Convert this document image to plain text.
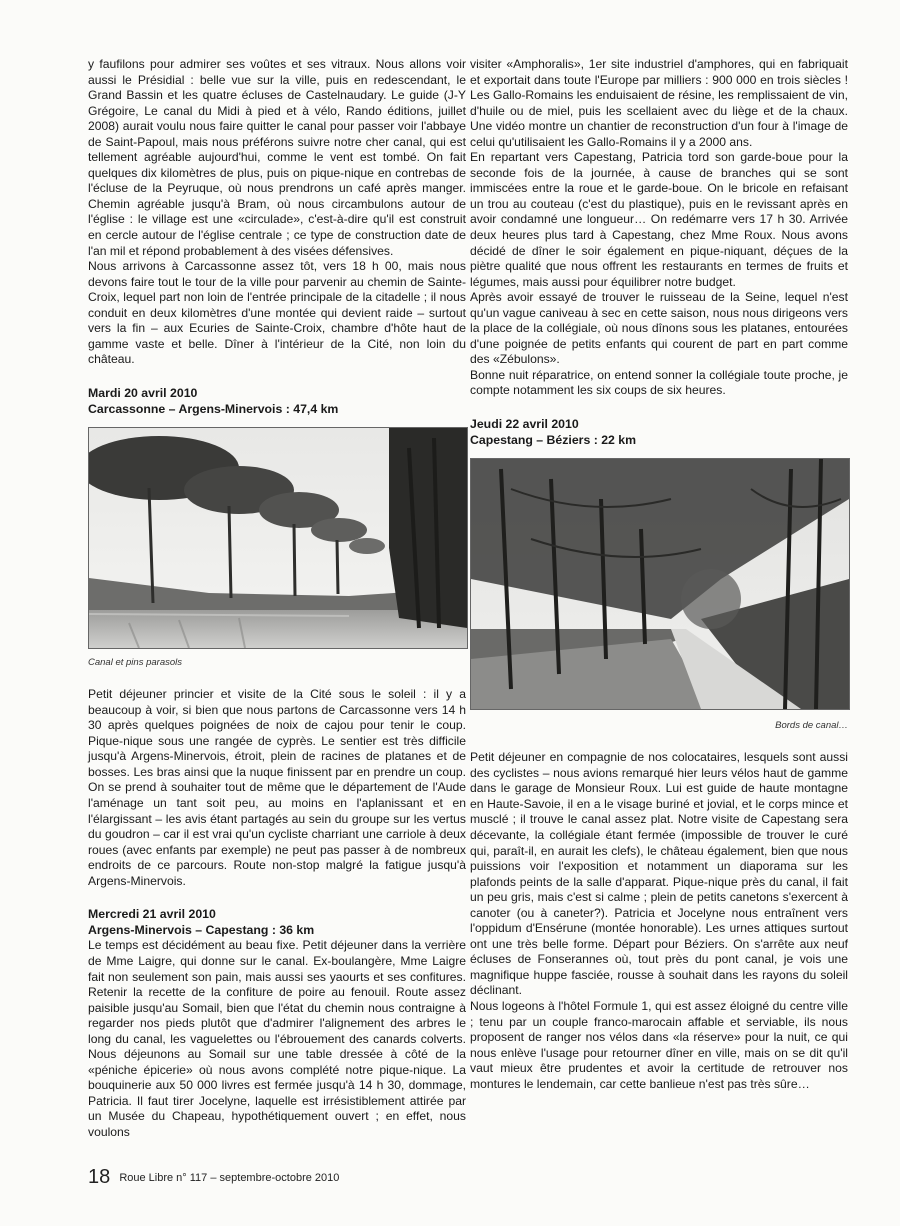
y faufilons pour admirer ses voûtes et ses vitraux. Nous allons voir aussi le Présidial : belle vue sur la ville, puis en redescendant, le Grand Bassin et les quatre écluses de Castelnaudary. Le guide (J-Y Grégoire, Le canal du Midi à pied et à vélo, Rando éditions, juillet 2008) aurait voulu nous faire quitter le canal pour passer voir l'abbaye de Saint-Papoul, mais nous préférons suivre notre cher canal, qui est tellement agréable aujourd'hui, comme le vent est tombé. On fait quelques dix kilomètres de plus, puis on pique-nique en contrebas de l'écluse de la Peyruque, où nous prendrons un café après manger. Chemin agréable jusqu'à Bram, où nous circambulons autour de l'église : le village est une «circulade», c'est-à-dire qu'il est construit en cercle autour de l'église centrale ; ce type de construction date de l'an mil et répond probablement à des visées défensives.

Nous arrivons à Carcassonne assez tôt, vers 18 h 00, mais nous devons faire tout le tour de la ville pour parvenir au chemin de Sainte-Croix, lequel part non loin de l'entrée principale de la citadelle ; il nous conduit en deux kilomètres d'une montée qui devient raide – surtout vers la fin – aux Ecuries de Sainte-Croix, chambre d'hôte haut de gamme vaste et belle. Dîner à l'intérieur de la Cité, non loin du château.

Mardi 20 avril 2010

Carcassonne – Argens-Minervois : 47,4 km

Canal et pins parasols

Petit déjeuner princier et visite de la Cité sous le soleil : il y a beaucoup à voir, si bien que nous partons de Carcassonne vers 14 h 30 après quelques poignées de noix de cajou pour tenir le coup. Pique-nique sous une rangée de cyprès. Le sentier est très difficile jusqu'à Argens-Minervois, étroit, plein de racines de platanes et de bosses. Les bras ainsi que la nuque finissent par en prendre un coup. On se prend à souhaiter tout de même que le département de l'Aude l'aménage un tant soit peu, au moins en l'aplanissant et en l'élargissant – les avis étant partagés au sein du groupe sur les vertus du goudron – car il est vrai qu'un cycliste charriant une carriole à deux roues (avec enfants par exemple) ne peut pas passer à de nombreux endroits de ce parcours. Route non-stop malgré la fatigue jusqu'à Argens-Minervois.

Mercredi 21 avril 2010

Argens-Minervois – Capestang : 36 km

Le temps est décidément au beau fixe. Petit déjeuner dans la verrière de Mme Laigre, qui donne sur le canal. Ex-boulangère, Mme Laigre fait non seulement son pain, mais aussi ses yaourts et ses confitures. Retenir la recette de la confiture de poire au fenouil. Route assez paisible jusqu'au Somail, bien que l'état du chemin nous contraigne à regarder nos pieds plutôt que d'admirer l'alignement des arbres le long du canal, les vaguelettes ou l'ébrouement des canards colverts. Nous déjeunons au Somail sur une table dressée à côté de la «péniche épicerie» où nous avons complété notre pique-nique. La bouquinerie aux 50 000 livres est fermée jusqu'à 14 h 30, dommage, Patricia. Il faut tirer Jocelyne, laquelle est irrésistiblement attirée par un Musée du Chapeau, hypothétiquement ouvert ; en effet, nous voulons

visiter «Amphoralis», 1er site industriel d'amphores, qui en fabriquait et exportait dans toute l'Europe par milliers : 900 000 en trois siècles ! Les Gallo-Romains les enduisaient de résine, les remplissaient de vin, d'huile ou de miel, puis les scellaient avec du liège et de la chaux. Une vidéo montre un chantier de reconstruction d'un four à l'image de celui qu'utilisaient les Gallo-Romains il y a 2000 ans.

En repartant vers Capestang, Patricia tord son garde-boue pour la seconde fois de la journée, à cause de branches qui se sont immiscées entre la roue et le garde-boue. On le bricole en refaisant un trou au couteau (c'est du plastique), puis en le revissant après en avoir condamné une longueur… On redémarre vers 17 h 30. Arrivée deux heures plus tard à Capestang, chez Mme Roux. Nous avons décidé de dîner le soir également en pique-niquant, déçues de la piètre qualité que nous offrent les restaurants en termes de fruits et légumes, mais aussi pour équilibrer notre budget.

Après avoir essayé de trouver le ruisseau de la Seine, lequel n'est qu'un vague caniveau à sec en cette saison, nous nous dirigeons vers la place de la collégiale, où nous dînons sous les platanes, entourées d'une poignée de petits enfants qui courent de part en part comme des «Zébulons».

Bonne nuit réparatrice, on entend sonner la collégiale toute proche, je compte notamment les six coups de six heures.

Jeudi 22 avril 2010

Capestang – Béziers : 22 km

Bords de canal…

Petit déjeuner en compagnie de nos colocataires, lesquels sont aussi des cyclistes – nous avions remarqué hier leurs vélos haut de gamme dans le garage de Monsieur Roux. Lui est guide de haute montagne en Haute-Savoie, il en a le visage buriné et jovial, et le corps mince et musclé ; il trouve le canal assez plat. Notre visite de Capestang sera décevante, la collégiale étant fermée (impossible de trouver le curé qui, paraît-il, en aurait les clefs), le château également, bien que nous puissions voir l'exposition et notamment un diaporama sur les plafonds peints de la salle d'apparat. Pique-nique près du canal, il fait un peu gris, mais c'est si calme ; plein de petits canetons s'exercent à canoter (ou à caneter?). Patricia et Jocelyne nous entraînent vers l'oppidum d'Ensérune (montée honorable). Les urnes attiques surtout ont une très belle forme. Départ pour Béziers. On s'arrête aux neuf écluses de Fonserannes où, tout près du pont canal, je vois une magnifique huppe fasciée, rousse à souhait dans les rayons du soleil déclinant.

Nous logeons à l'hôtel Formule 1, qui est assez éloigné du centre ville ; tenu par un couple franco-marocain affable et serviable, ils nous proposent de ranger nos vélos dans «la réserve» pour la nuit, ce qui nous enlève l'usage pour retourner dîner en ville, mais on se dit qu'il vaut mieux être prudentes et avoir la certitude de retrouver nos montures le lendemain, car cette banlieue n'est pas très sûre…

18 Roue Libre n° 117 – septembre-octobre 2010
